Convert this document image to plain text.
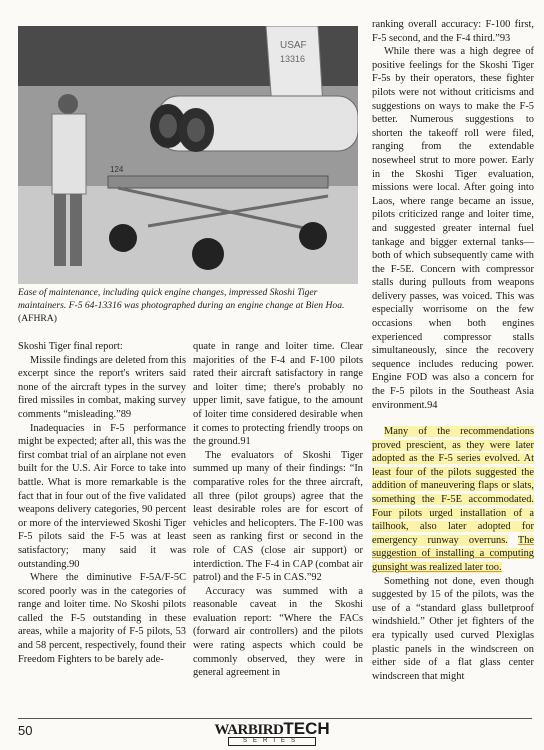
USAF
13316
124
Ease of maintenance, including quick engine changes, impressed Skoshi Tiger maintainers. F-5 64-13316 was photographed during an engine change at Bien Hoa. (AFHRA)

Skoshi Tiger final report:

Missile findings are deleted from this excerpt since the report's writers said none of the aircraft types in the survey fired missiles in combat, making survey comments “misleading.”89

Inadequacies in F-5 performance might be expected; after all, this was the first combat trial of an airplane not even built for the U.S. Air Force to take into battle. What is more remarkable is the fact that in four out of the five validated weapons delivery categories, 90 percent or more of the interviewed Skoshi Tiger F-5 pilots said the F-5 was at least satisfactory; many said it was outstanding.90

Where the diminutive F-5A/F-5C scored poorly was in the categories of range and loiter time. No Skoshi pilots called the F-5 outstanding in these areas, while a majority of F-5 pilots, 53 and 58 percent, respectively, found their Freedom Fighters to be barely ade-

quate in range and loiter time. Clear majorities of the F-4 and F-100 pilots rated their aircraft satisfactory in range and loiter time; there's probably no upper limit, save fatigue, to the amount of loiter time considered desirable when it comes to protecting friendly troops on the ground.91

The evaluators of Skoshi Tiger summed up many of their findings: “In comparative roles for the three aircraft, all three (pilot groups) agree that the least desirable roles are for escort of vehicles and helicopters. The F-100 was seen as ranking first or second in the role of CAS (close air support) or interdiction. The F-4 in CAP (combat air patrol) and the F-5 in CAS.”92

Accuracy was summed with a reasonable caveat in the Skoshi evaluation report: “Where the FACs (forward air controllers) and the pilots were rating aspects which could be commonly observed, they were in general agreement in

ranking overall accuracy: F-100 first, F-5 second, and the F-4 third.”93

While there was a high degree of positive feelings for the Skoshi Tiger F-5s by their operators, these fighter pilots were not without criticisms and suggestions on ways to make the F-5 better. Numerous suggestions to shorten the takeoff roll were filed, ranging from the extendable nosewheel strut to more power. Early in the Skoshi Tiger evaluation, missions were local. After going into Laos, where range became an issue, pilots criticized range and loiter time, and suggested greater internal fuel tankage and bigger external tanks—both of which subsequently came with the F-5E. Concern with compressor stalls during pullouts from weapons delivery passes, was voiced. This was especially worrisome on the few occasions when both engines experienced compressor stalls simultaneously, since the recovery sequence includes reducing power. Engine FOD was also a concern for the F-5 pilots in the Southeast Asia environment.94

Many of the recommendations proved prescient, as they were later adopted as the F-5 series evolved. At least four of the pilots suggested the addition of maneuvering flaps or slats, something the F-5E accommodated. Four pilots urged installation of a tailhook, also later adopted for emergency runway overruns. The suggestion of installing a computing gunsight was realized later too.

Something not done, even though suggested by 15 of the pilots, was the use of a “standard glass bulletproof windshield.” Other jet fighters of the era typically used curved Plexiglas plastic panels in the windscreen on either side of a flat glass center windscreen that might

50	WARBIRDTECH
SERIES
